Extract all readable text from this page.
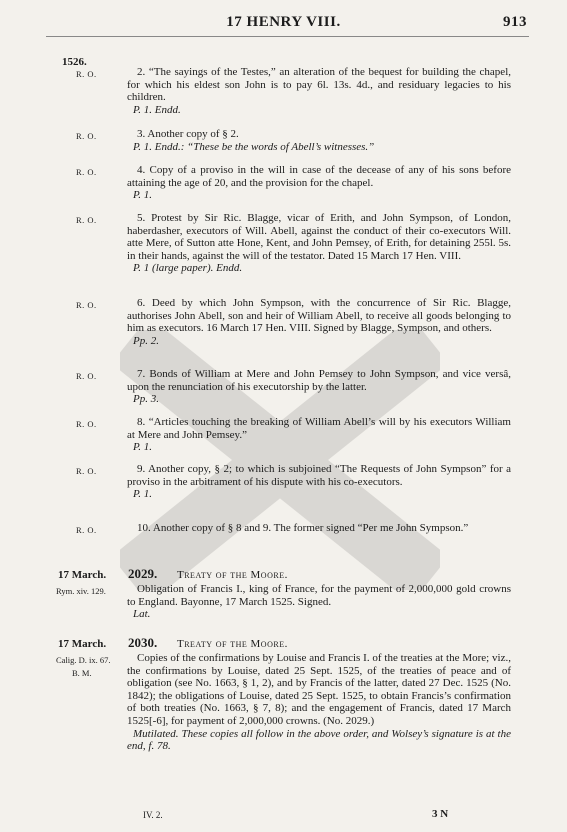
17 HENRY VIII.	913
1526.
R. O.	2. “The sayings of the Testes,” an alteration of the bequest for building the chapel, for which his eldest son John is to pay 6l. 13s. 4d., and residuary legacies to his children.
P. 1. Endd.
R. O.	3. Another copy of § 2.
P. 1. Endd.: “These be the words of Abell’s witnesses.”
R. O.	4. Copy of a proviso in the will in case of the decease of any of his sons before attaining the age of 20, and the provision for the chapel.
P. 1.
R. O.	5. Protest by Sir Ric. Blagge, vicar of Erith, and John Sympson, of London, haberdasher, executors of Will. Abell, against the conduct of their co-executors Will. atte Mere, of Sutton atte Hone, Kent, and John Pemsey, of Erith, for detaining 255l. 5s. in their hands, against the will of the testator. Dated 15 March 17 Hen. VIII.
P. 1 (large paper). Endd.
R. O.	6. Deed by which John Sympson, with the concurrence of Sir Ric. Blagge, authorises John Abell, son and heir of William Abell, to receive all goods belonging to him as executors. 16 March 17 Hen. VIII. Signed by Blagge, Sympson, and others.
Pp. 2.
R. O.	7. Bonds of William at Mere and John Pemsey to John Sympson, and vice versâ, upon the renunciation of his executorship by the latter.
Pp. 3.
R. O.	8. “Articles touching the breaking of William Abell’s will by his executors William at Mere and John Pemsey.”
P. 1.
R. O.	9. Another copy, § 2; to which is subjoined “The Requests of John Sympson” for a proviso in the arbitrament of his dispute with his co-executors.
P. 1.
R. O.	10. Another copy of § 8 and 9. The former signed “Per me John Sympson.”
17 March. 2029. Treaty of the Moore.
Rym. xiv. 129.	Obligation of Francis I., king of France, for the payment of 2,000,000 gold crowns to England. Bayonne, 17 March 1525. Signed.
Lat.
17 March. 2030. Treaty of the Moore.
Calig. D. ix. 67.
B. M.
Copies of the confirmations by Louise and Francis I. of the treaties at the More; viz., the confirmations by Louise, dated 25 Sept. 1525, of the treaties of peace and of obligation (see No. 1663, § 1, 2), and by Francis of the latter, dated 27 Dec. 1525 (No. 1842); the obligations of Louise, dated 25 Sept. 1525, to obtain Francis’s confirmation of both treaties (No. 1663, § 7, 8); and the engagement of Francis, dated 17 March 1525[-6], for payment of 2,000,000 crowns. (No. 2029.)
Mutilated. These copies all follow in the above order, and Wolsey’s signature is at the end, f. 78.
IV. 2.	3 N
